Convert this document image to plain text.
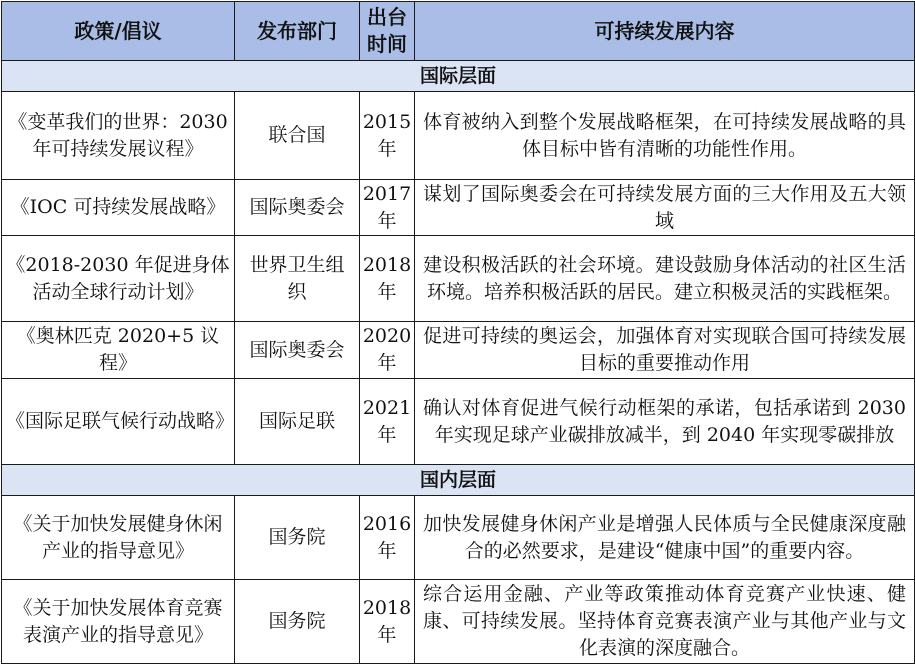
政策/倡议	发布部门	出台时间	可持续发展内容
国际层面			
《变革我们的世界：2030 年可持续发展议程》	联合国	2015 年	体育被纳入到整个发展战略框架，在可持续发展战略的具体目标中皆有清晰的功能性作用。
《IOC 可持续发展战略》	国际奥委会	2017 年	谋划了国际奥委会在可持续发展方面的三大作用及五大领域
《2018-2030 年促进身体活动全球行动计划》	世界卫生组织	2018 年	建设积极活跃的社会环境。建设鼓励身体活动的社区生活环境。培养积极活跃的居民。建立积极灵活的实践框架。
《奥林匹克 2020+5 议程》	国际奥委会	2020 年	促进可持续的奥运会，加强体育对实现联合国可持续发展目标的重要推动作用
《国际足联气候行动战略》	国际足联	2021 年	确认对体育促进气候行动框架的承诺，包括承诺到 2030 年实现足球产业碳排放减半，到 2040 年实现零碳排放
国内层面			
《关于加快发展健身休闲产业的指导意见》	国务院	2016 年	加快发展健身休闲产业是增强人民体质与全民健康深度融合的必然要求，是建设“健康中国”的重要内容。
《关于加快发展体育竞赛表演产业的指导意见》	国务院	2018 年	综合运用金融、产业等政策推动体育竞赛产业快速、健康、可持续发展。坚持体育竞赛表演产业与其他产业与文化表演的深度融合。
